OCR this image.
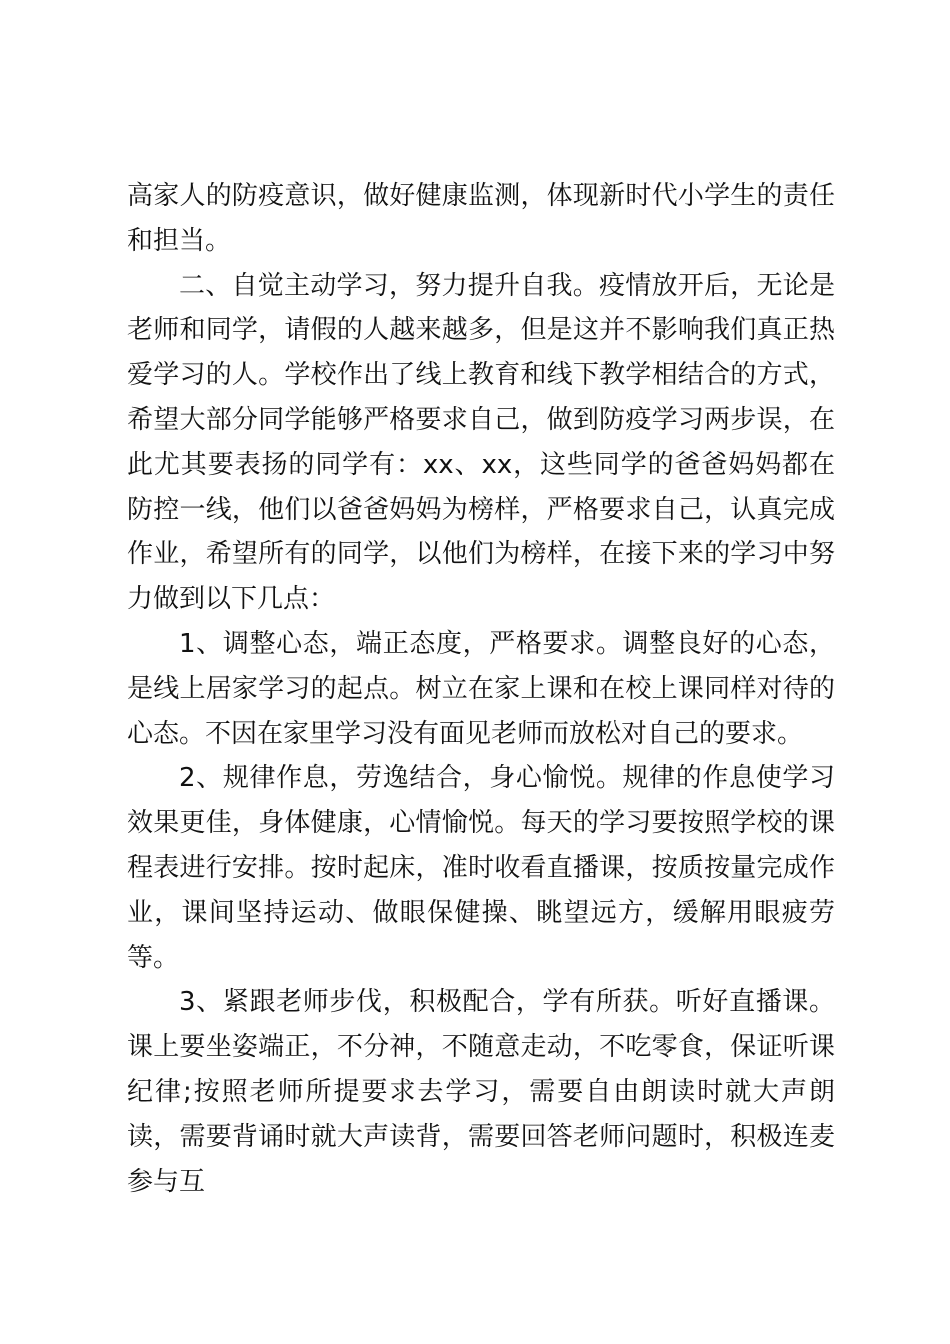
高家人的防疫意识，做好健康监测，体现新时代小学生的责任和担当。

二、自觉主动学习，努力提升自我。疫情放开后，无论是老师和同学，请假的人越来越多，但是这并不影响我们真正热爱学习的人。学校作出了线上教育和线下教学相结合的方式，希望大部分同学能够严格要求自己，做到防疫学习两步误，在此尤其要表扬的同学有：xx、xx，这些同学的爸爸妈妈都在防控一线，他们以爸爸妈妈为榜样，严格要求自己，认真完成作业，希望所有的同学，以他们为榜样，在接下来的学习中努力做到以下几点：

1、调整心态，端正态度，严格要求。调整良好的心态，是线上居家学习的起点。树立在家上课和在校上课同样对待的心态。不因在家里学习没有面见老师而放松对自己的要求。

2、规律作息，劳逸结合，身心愉悦。规律的作息使学习效果更佳，身体健康，心情愉悦。每天的学习要按照学校的课程表进行安排。按时起床，准时收看直播课，按质按量完成作业，课间坚持运动、做眼保健操、眺望远方，缓解用眼疲劳等。

3、紧跟老师步伐，积极配合，学有所获。听好直播课。课上要坐姿端正，不分神，不随意走动，不吃零食，保证听课纪律;按照老师所提要求去学习，需要自由朗读时就大声朗读，需要背诵时就大声读背，需要回答老师问题时，积极连麦参与互
